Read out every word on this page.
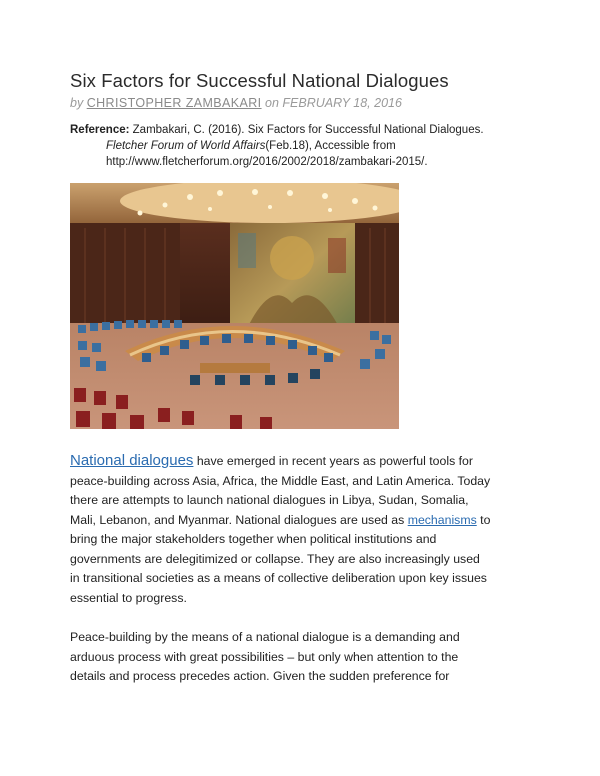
Six Factors for Successful National Dialogues
by CHRISTOPHER ZAMBAKARI on FEBRUARY 18, 2016
Reference: Zambakari, C. (2016). Six Factors for Successful National Dialogues.
Fletcher Forum of World Affairs(Feb.18), Accessible from
http://www.fletcherforum.org/2016/2002/2018/zambakari-2015/.
National dialogues have emerged in recent years as powerful tools for
peace-building across Asia, Africa, the Middle East, and Latin America. Today
there are attempts to launch national dialogues in Libya, Sudan, Somalia,
Mali, Lebanon, and Myanmar. National dialogues are used as mechanisms to
bring the major stakeholders together when political institutions and
governments are delegitimized or collapse. They are also increasingly used
in transitional societies as a means of collective deliberation upon key issues
essential to progress.
Peace-building by the means of a national dialogue is a demanding and
arduous process with great possibilities – but only when attention to the
details and process precedes action. Given the sudden preference for
